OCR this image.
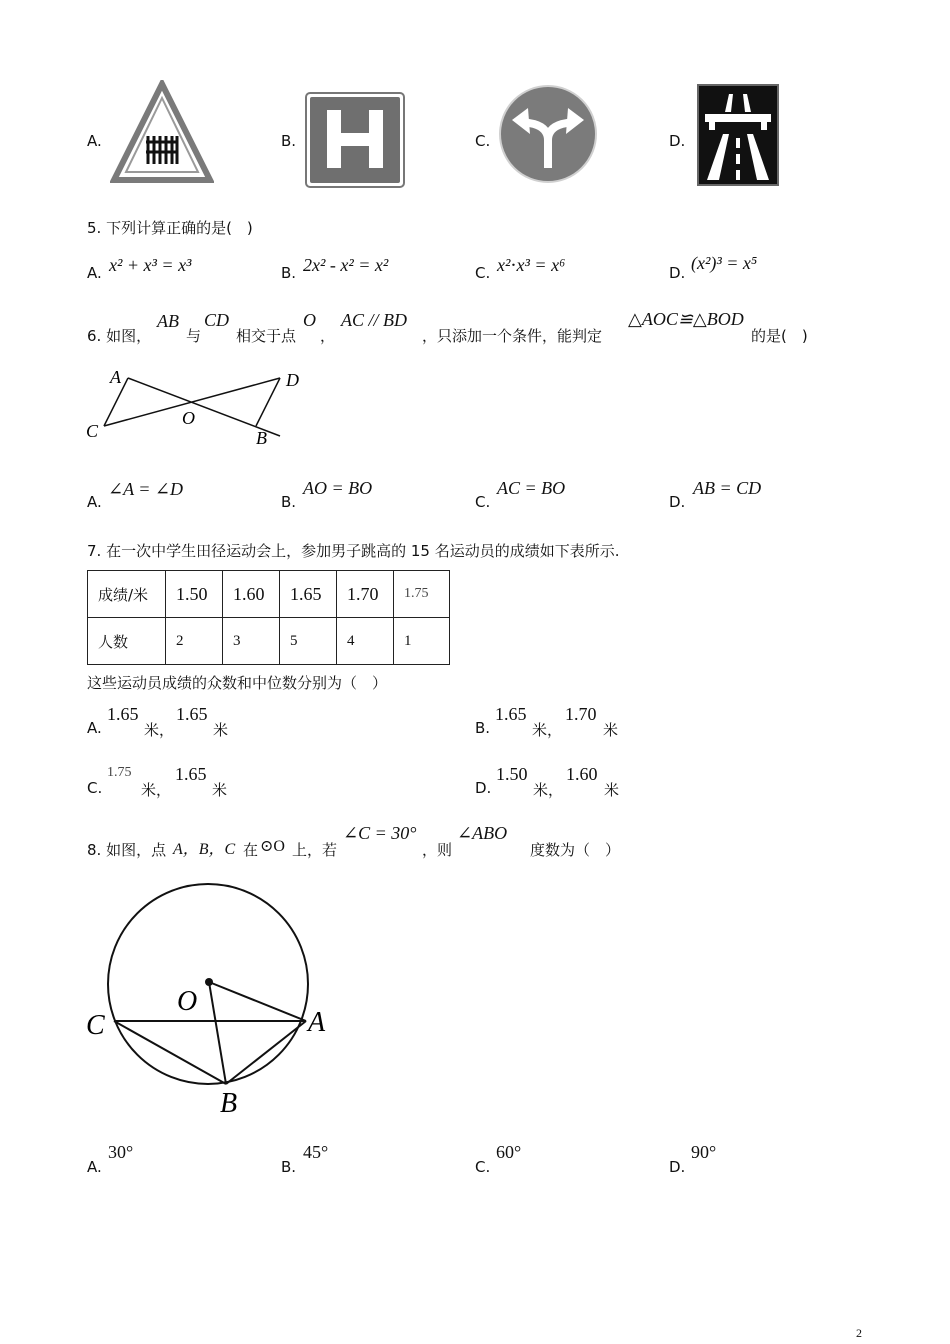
A.	B.	C.	D.
5. 下列计算正确的是(　)
A. x² + x³ = x³	B. 2x² - x² = x²	C. x²⋅x³ = x⁶	D. (x²)³ = x⁵
6. 如图，
AB
与
CD
相交于点
O
，
AC // BD
，只添加一个条件，能判定
△AOC≌△BOD
的是(　)
A	D
C
O
B
A.
∠A = ∠D
B.
AO = BO
C.
AC = BO
D.
AB = CD
7. 在一次中学生田径运动会上，参加男子跳高的 15 名运动员的成绩如下表所示.
成绩/米	1.50	1.60	1.65	1.70	1.75
人数	2	3	5	4	1
这些运动员成绩的众数和中位数分别为（　）
A.
1.65
米，
1.65
米	B.
1.65
米，
1.70
米
C.
1.75
米，
1.65
米	D.
1.50
米，
1.60
米
8. 如图，点 A，B，C 在 ⊙O 上，若
∠C = 30°
，则
∠ABO
度数为（　）
O
A
C
B
A.
30°
B.
45°
C.
60°
D.
90°
2
